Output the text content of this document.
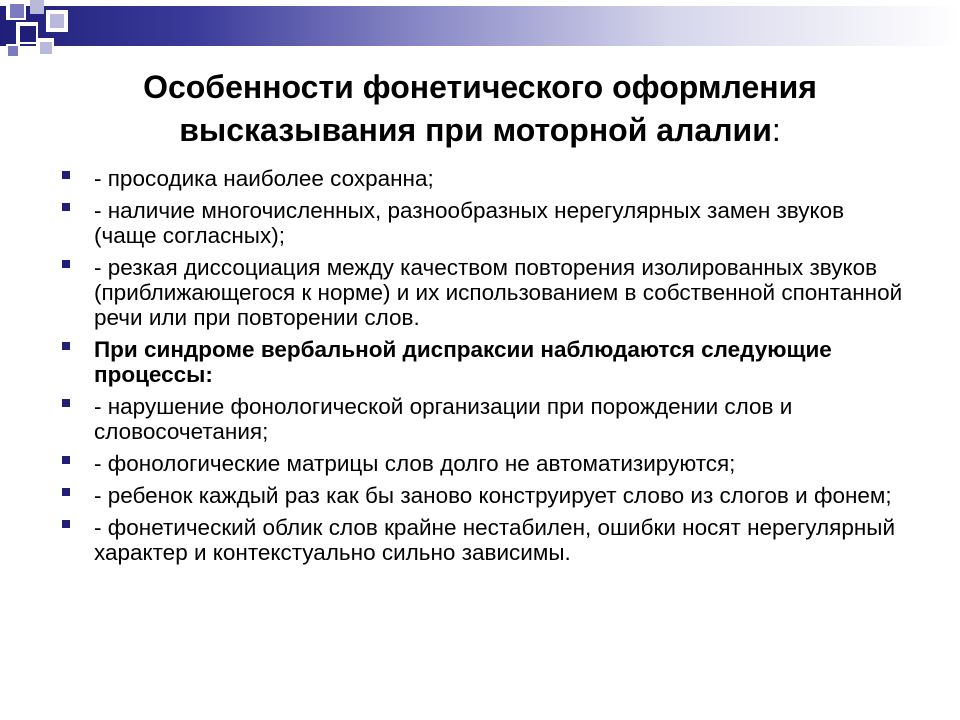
Особенности фонетического оформления
высказывания при моторной алалии:
- просодика наиболее сохранна;
- наличие многочисленных, разнообразных нерегулярных замен звуков (чаще согласных);
- резкая диссоциация между качеством повторения изолированных звуков (приближающегося к норме) и их использованием в собственной спонтанной речи или при повторении слов.
При синдроме вербальной диспраксии наблюдаются следующие процессы:
- нарушение фонологической организации при порождении слов и словосочетания;
- фонологические матрицы слов долго не автоматизируются;
- ребенок каждый раз как бы заново конструирует слово из слогов и фонем;
- фонетический облик слов крайне нестабилен, ошибки носят нерегулярный характер и контекстуально сильно зависимы.
